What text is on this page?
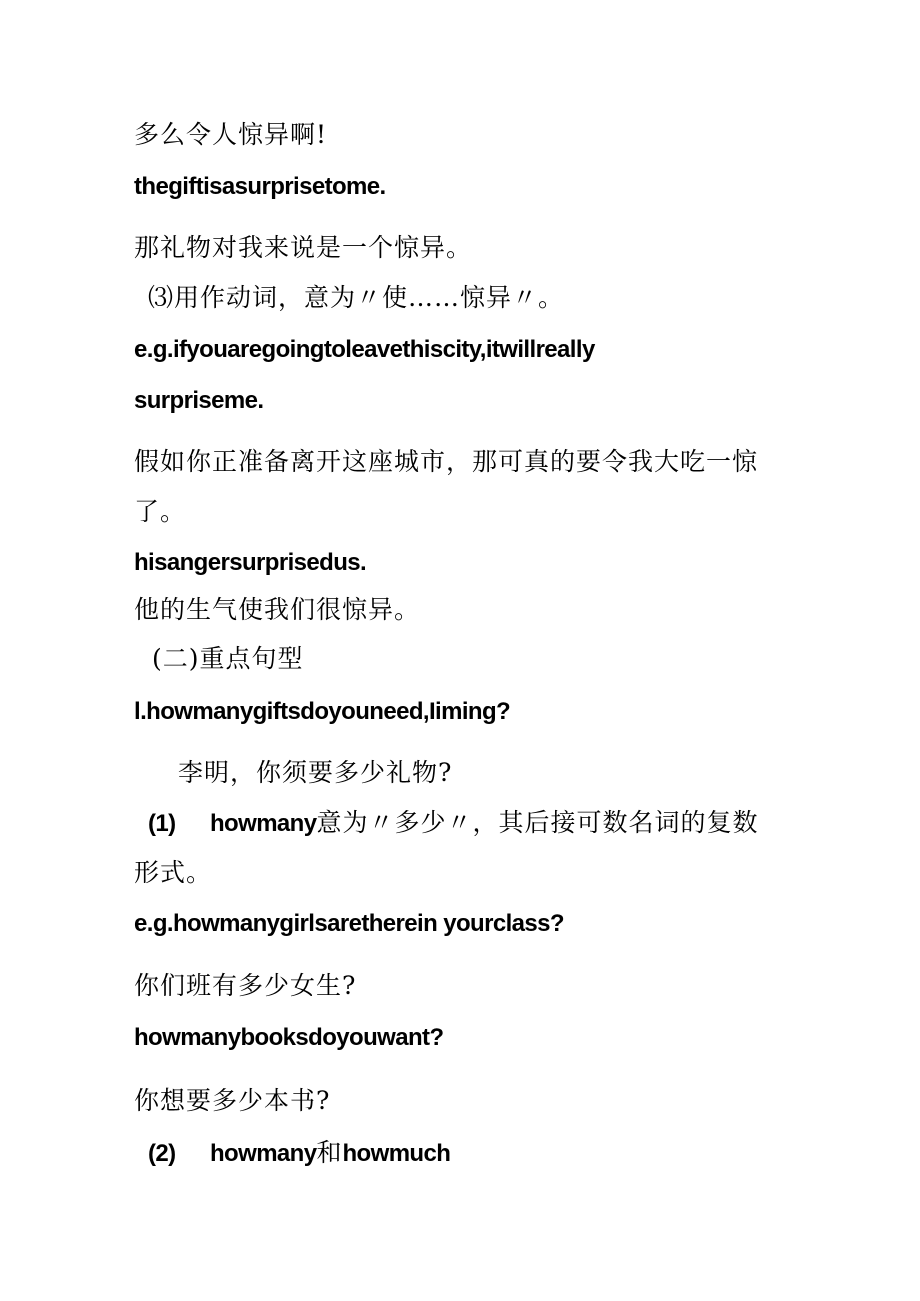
多么令人惊异啊!
thegiftisasurprisetome.
那礼物对我来说是一个惊异。
⑶用作动词，意为〃使……惊异〃。
e.g.ifyouaregoingtoleavethiscity,itwillreally
surpriseme.
假如你正准备离开这座城市，那可真的要令我大吃一惊
了。
hisangersurprisedus.
他的生气使我们很惊异。
(二)重点句型
l.howmanygiftsdoyouneed,Iiming?
李明，你须要多少礼物?
(1) howmany意为〃多少〃，其后接可数名词的复数
形式。
e.g.howmanygirlsaretherein yourclass?
你们班有多少女生?
howmanybooksdoyouwant?
你想要多少本书?
(2) howmany和howmuch
